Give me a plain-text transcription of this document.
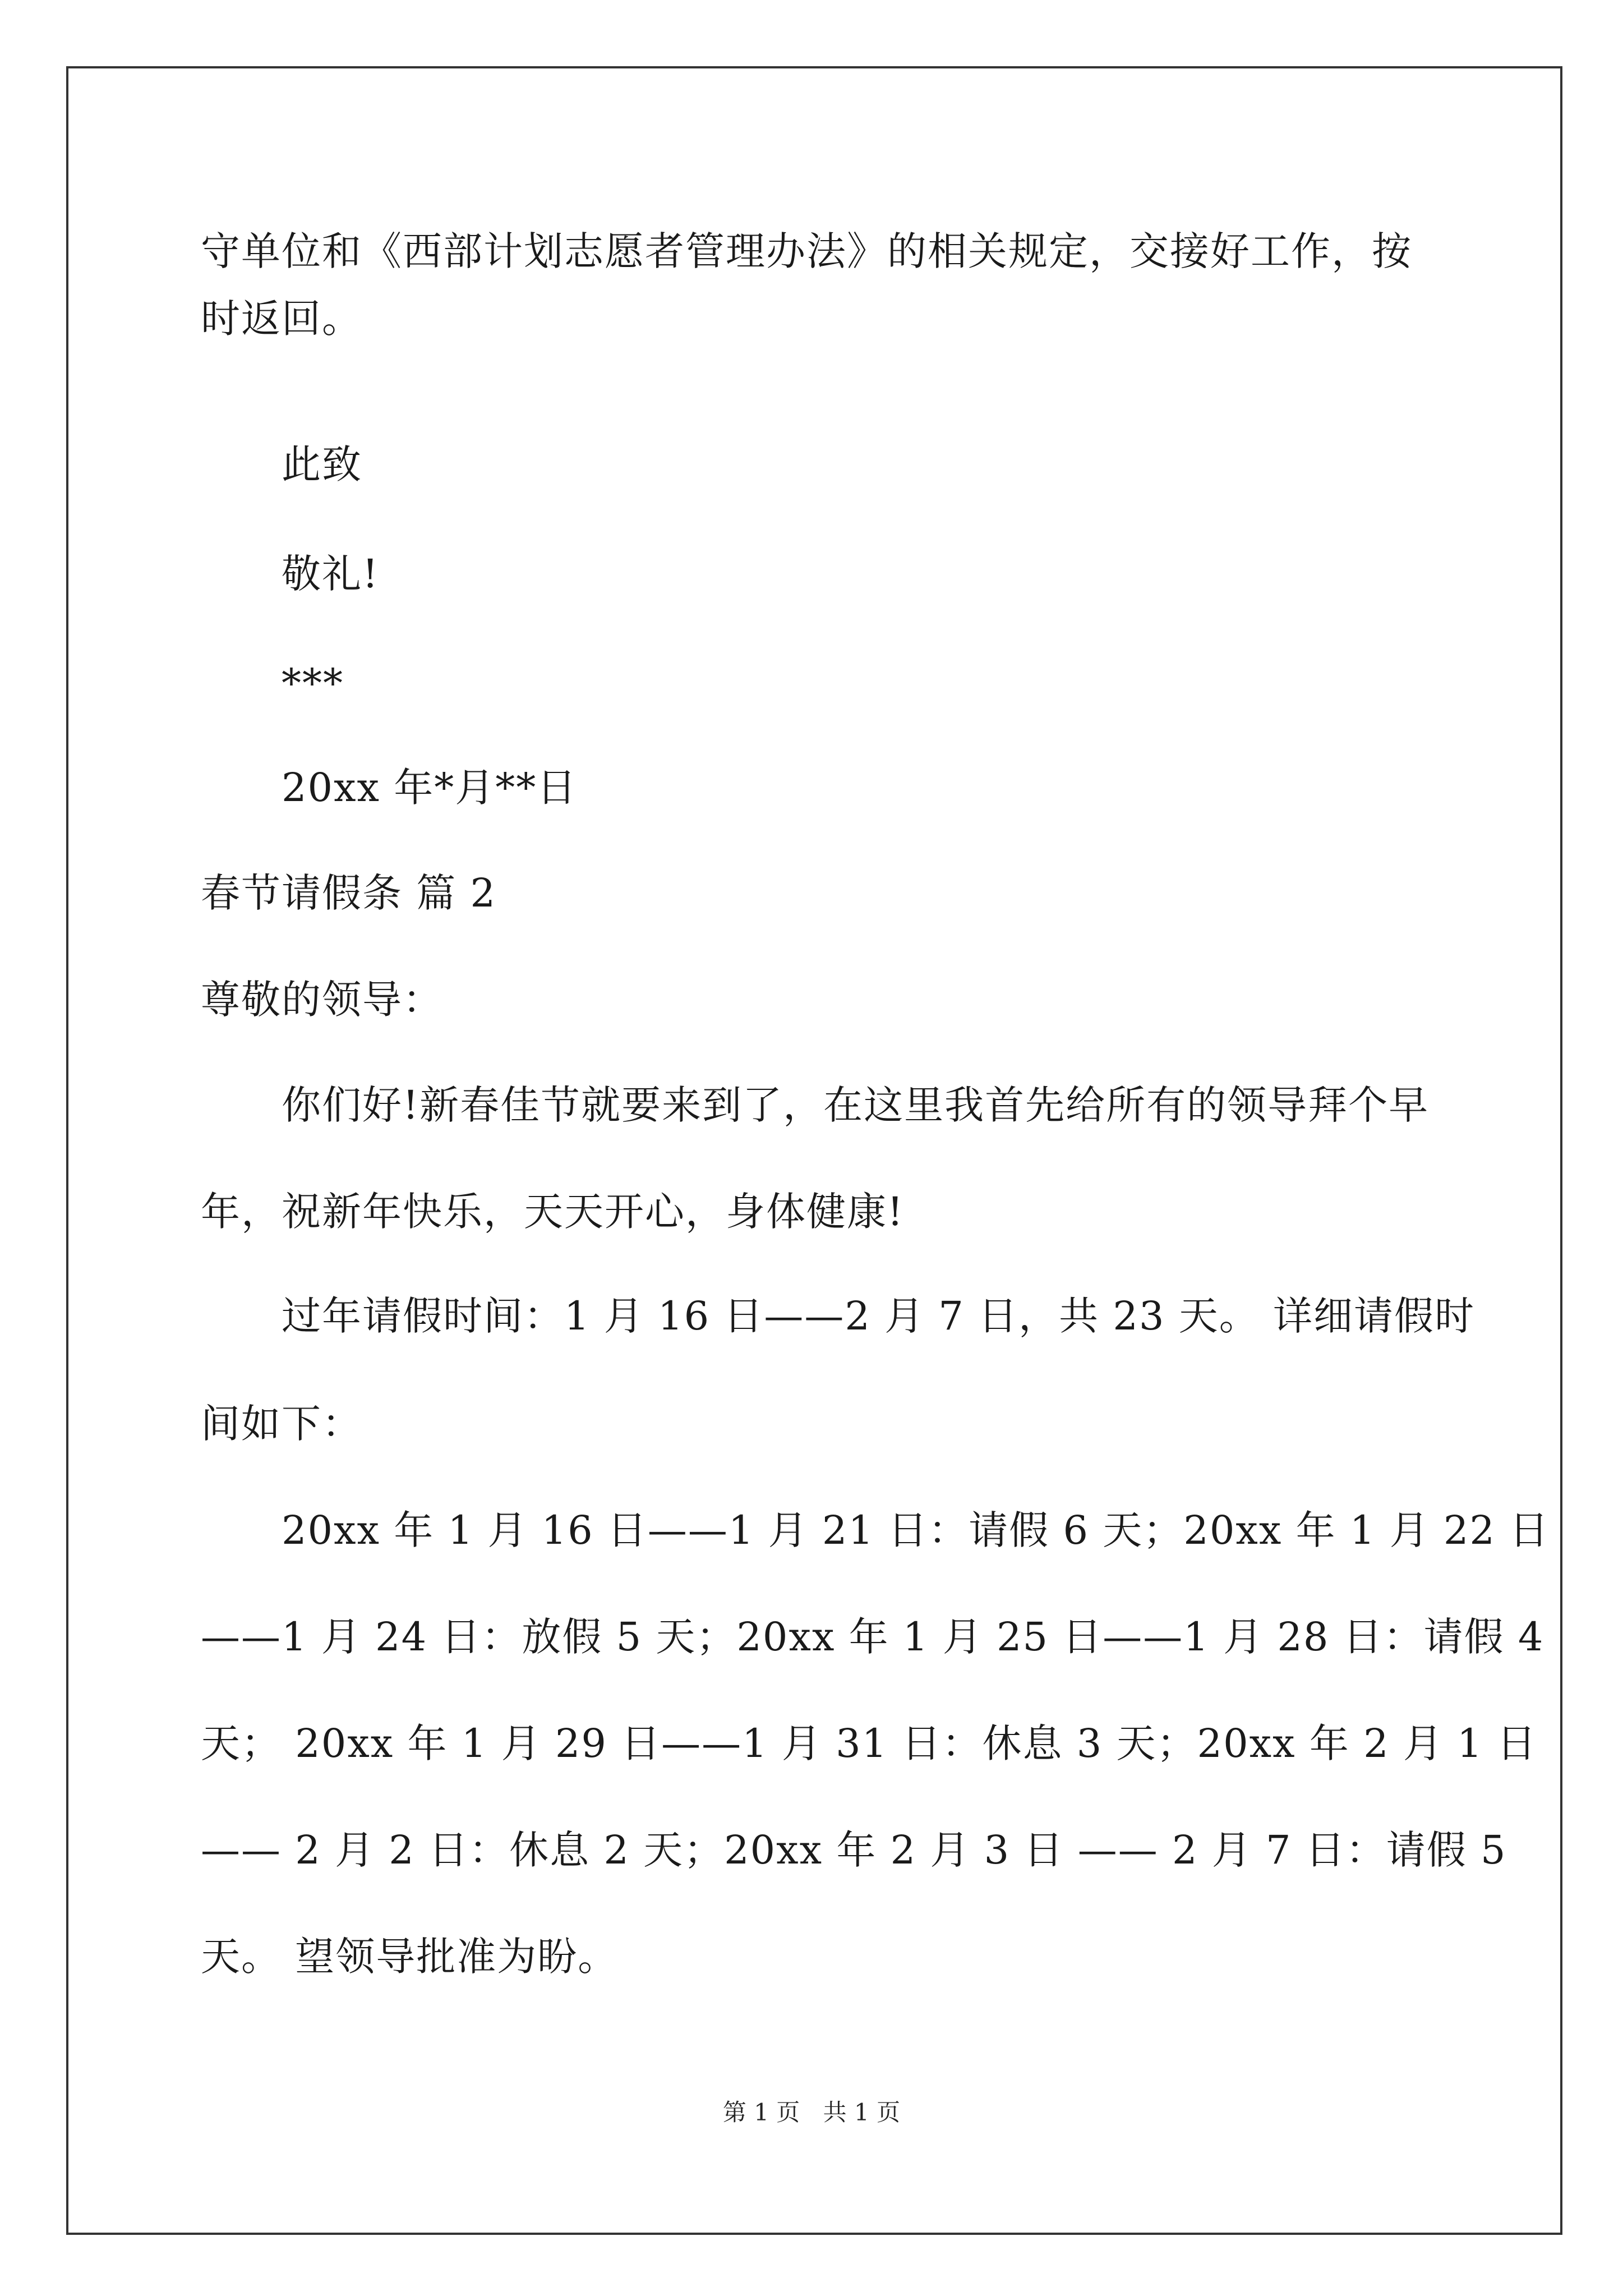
守单位和《西部计划志愿者管理办法》的相关规定，交接好工作，按
时返回。
此致
敬礼!
***
20xx 年*月**日
春节请假条 篇 2
尊敬的领导：
你们好!新春佳节就要来到了，在这里我首先给所有的领导拜个早
年，祝新年快乐，天天开心，身体健康!
过年请假时间：1 月 16 日——2 月 7 日，共 23 天。 详细请假时
间如下：
20xx 年 1 月 16 日——1 月 21 日：请假 6 天；20xx 年 1 月 22 日
——1 月 24 日：放假 5 天；20xx 年 1 月 25 日——1 月 28 日：请假 4
天； 20xx 年 1 月 29 日——1 月 31 日：休息 3 天；20xx 年 2 月 1 日
—— 2 月 2 日：休息 2 天；20xx 年 2 月 3 日 —— 2 月 7 日：请假 5
天。 望领导批准为盼。
第 1 页 共 1 页
